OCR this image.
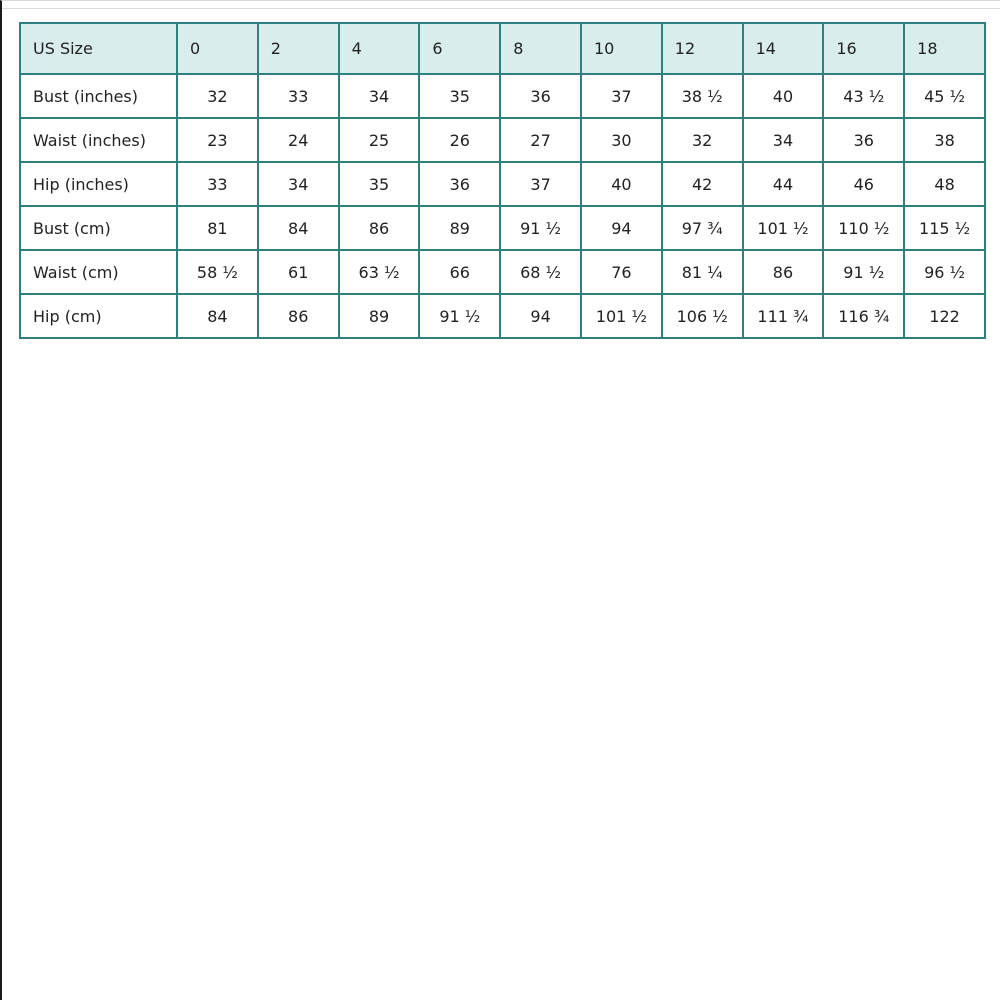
US Size	0	2	4	6	8	10	12	14	16	18
Bust (inches)	32	33	34	35	36	37	38 ½	40	43 ½	45 ½
Waist (inches)	23	24	25	26	27	30	32	34	36	38
Hip (inches)	33	34	35	36	37	40	42	44	46	48
Bust (cm)	81	84	86	89	91 ½	94	97 ¾	101 ½	110 ½	115 ½
Waist (cm)	58 ½	61	63 ½	66	68 ½	76	81 ¼	86	91 ½	96 ½
Hip (cm)	84	86	89	91 ½	94	101 ½	106 ½	111 ¾	116 ¾	122
